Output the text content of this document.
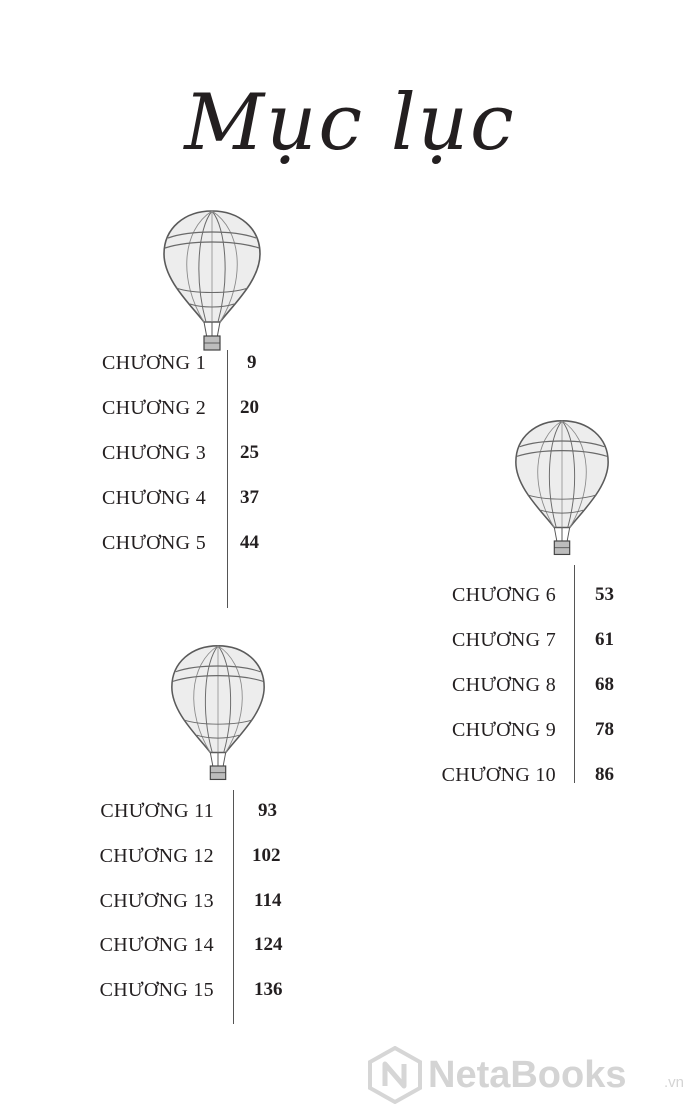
Mục lục
CHƯƠNG 1 9
CHƯƠNG 2 20
CHƯƠNG 3 25
CHƯƠNG 4 37
CHƯƠNG 5 44
CHƯƠNG 6 53
CHƯƠNG 7 61
CHƯƠNG 8 68
CHƯƠNG 9 78
CHƯƠNG 10 86
CHƯƠNG 11 93
CHƯƠNG 12 102
CHƯƠNG 13 114
CHƯƠNG 14 124
CHƯƠNG 15 136
NetaBooks	.vn
